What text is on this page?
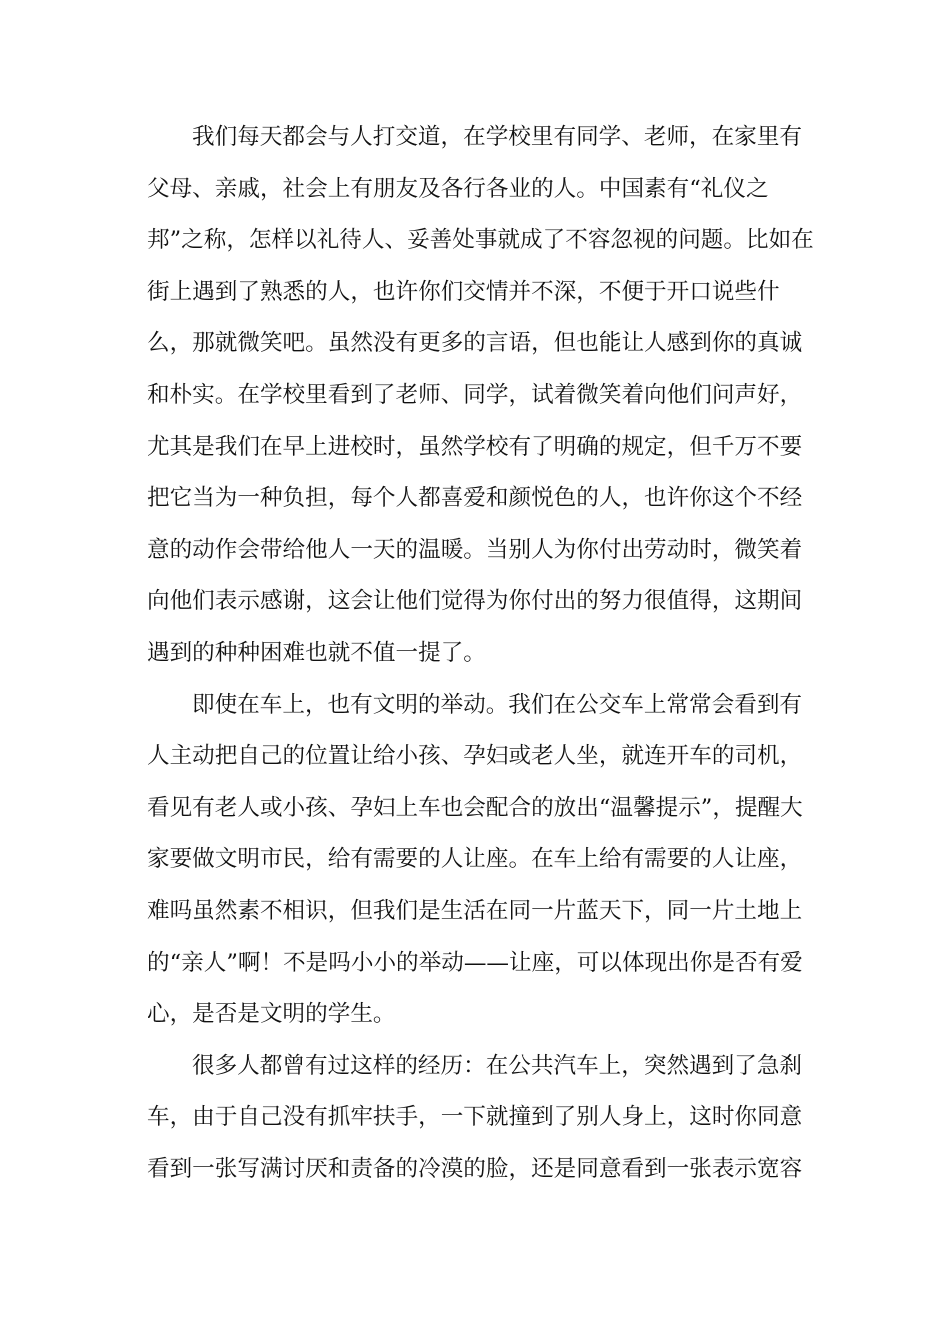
我们每天都会与人打交道，在学校里有同学、老师，在家里有
父母、亲戚，社会上有朋友及各行各业的人。中国素有“礼仪之
邦”之称，怎样以礼待人、妥善处事就成了不容忽视的问题。比如在
街上遇到了熟悉的人，也许你们交情并不深，不便于开口说些什
么，那就微笑吧。虽然没有更多的言语，但也能让人感到你的真诚
和朴实。在学校里看到了老师、同学，试着微笑着向他们问声好，
尤其是我们在早上进校时，虽然学校有了明确的规定，但千万不要
把它当为一种负担，每个人都喜爱和颜悦色的人，也许你这个不经
意的动作会带给他人一天的温暖。当别人为你付出劳动时，微笑着
向他们表示感谢，这会让他们觉得为你付出的努力很值得，这期间
遇到的种种困难也就不值一提了。
即使在车上，也有文明的举动。我们在公交车上常常会看到有
人主动把自己的位置让给小孩、孕妇或老人坐，就连开车的司机，
看见有老人或小孩、孕妇上车也会配合的放出“温馨提示”，提醒大
家要做文明市民，给有需要的人让座。在车上给有需要的人让座，
难吗虽然素不相识，但我们是生活在同一片蓝天下，同一片土地上
的“亲人”啊！不是吗小小的举动——让座，可以体现出你是否有爱
心，是否是文明的学生。
很多人都曾有过这样的经历：在公共汽车上，突然遇到了急刹
车，由于自己没有抓牢扶手，一下就撞到了别人身上，这时你同意
看到一张写满讨厌和责备的冷漠的脸，还是同意看到一张表示宽容
